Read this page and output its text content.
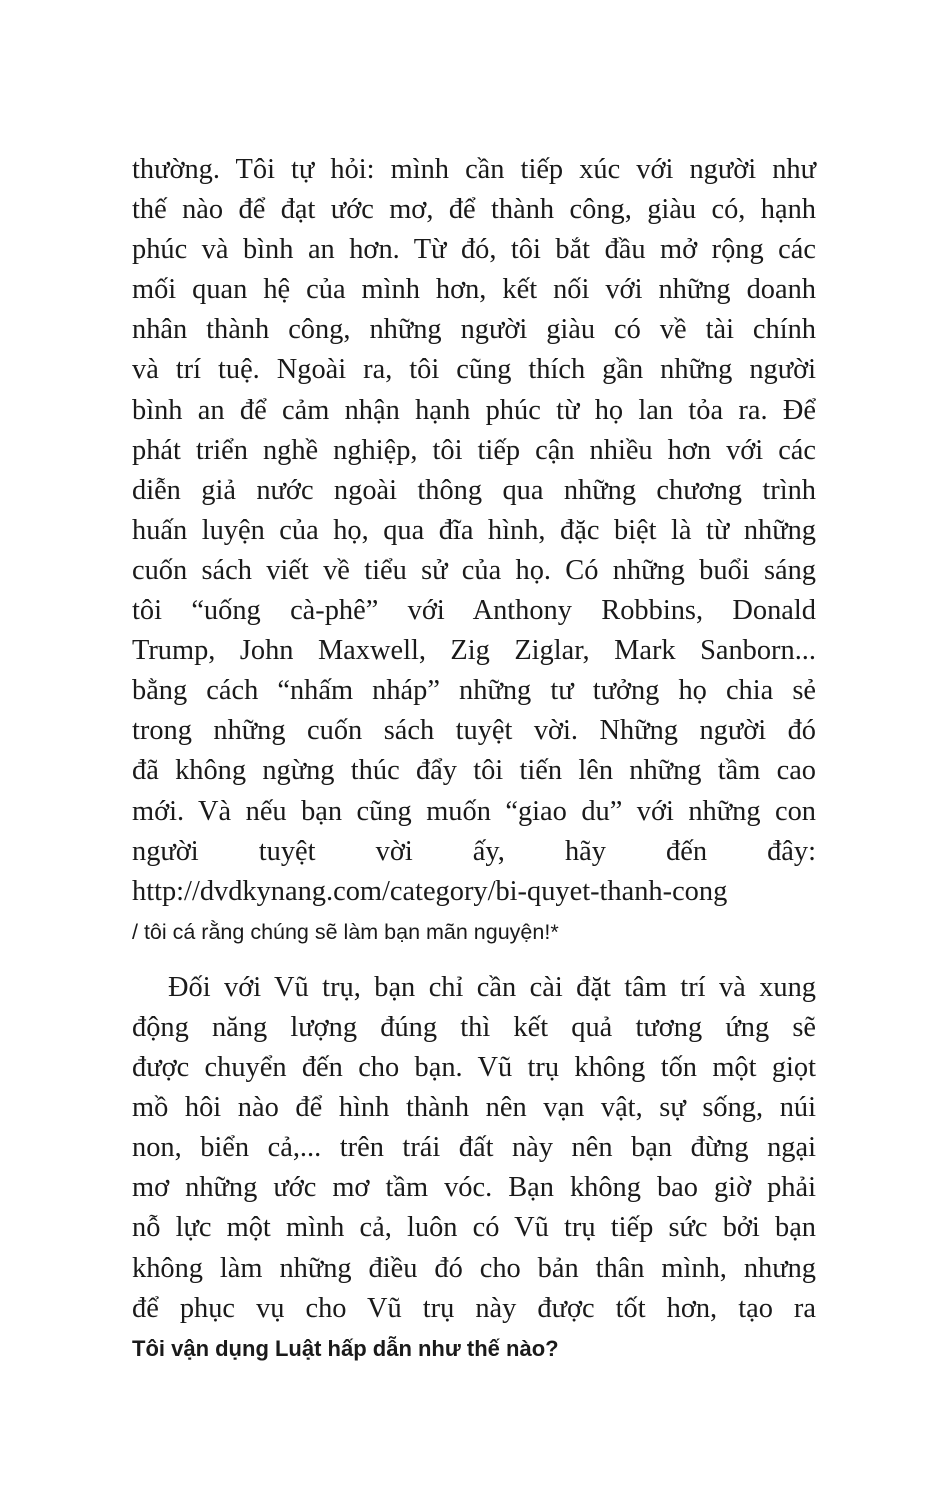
thường. Tôi tự hỏi: mình cần tiếp xúc với người như
thế nào để đạt ước mơ, để thành công, giàu có, hạnh
phúc và bình an hơn. Từ đó, tôi bắt đầu mở rộng các
mối quan hệ của mình hơn, kết nối với những doanh
nhân thành công, những người giàu có về tài chính
và trí tuệ. Ngoài ra, tôi cũng thích gần những người
bình an để cảm nhận hạnh phúc từ họ lan tỏa ra. Để
phát triển nghề nghiệp, tôi tiếp cận nhiều hơn với các
diễn giả nước ngoài thông qua những chương trình
huấn luyện của họ, qua đĩa hình, đặc biệt là từ những
cuốn sách viết về tiểu sử của họ. Có những buổi sáng
tôi “uống cà-phê” với Anthony Robbins, Donald
Trump, John Maxwell, Zig Ziglar, Mark Sanborn...
bằng cách “nhấm nháp” những tư tưởng họ chia sẻ
trong những cuốn sách tuyệt vời. Những người đó
đã không ngừng thúc đẩy tôi tiến lên những tầm cao
mới. Và nếu bạn cũng muốn “giao du” với những con
người tuyệt vời ấy, hãy đến đây:
http://dvdkynang.com/category/bi-quyet-thanh-cong
/ tôi cá rằng chúng sẽ làm bạn mãn nguyện!*
Đối với Vũ trụ, bạn chỉ cần cài đặt tâm trí và xung
động năng lượng đúng thì kết quả tương ứng sẽ
được chuyển đến cho bạn. Vũ trụ không tốn một giọt
mồ hôi nào để hình thành nên vạn vật, sự sống, núi
non, biển cả,... trên trái đất này nên bạn đừng ngại
mơ những ước mơ tầm vóc. Bạn không bao giờ phải
nỗ lực một mình cả, luôn có Vũ trụ tiếp sức bởi bạn
không làm những điều đó cho bản thân mình, nhưng
để phục vụ cho Vũ trụ này được tốt hơn, tạo ra
Tôi vận dụng Luật hấp dẫn như thế nào?
